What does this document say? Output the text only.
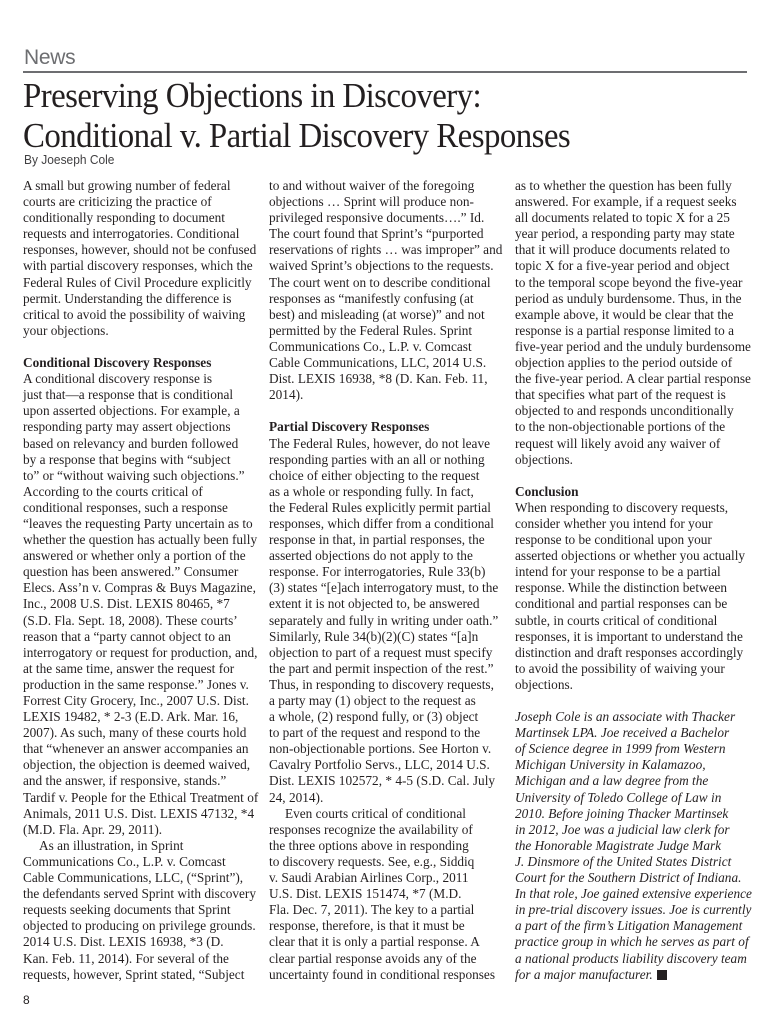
News
Preserving Objections in Discovery:
Conditional v. Partial Discovery Responses
By Joeseph Cole
A small but growing number of federal
courts are criticizing the practice of
conditionally responding to document
requests and interrogatories. Conditional
responses, however, should not be confused
with partial discovery responses, which the
Federal Rules of Civil Procedure explicitly
permit. Understanding the difference is
critical to avoid the possibility of waiving
your objections.
Conditional Discovery Responses
A conditional discovery response is
just that—a response that is conditional
upon asserted objections. For example, a
responding party may assert objections
based on relevancy and burden followed
by a response that begins with “subject
to” or “without waiving such objections.”
According to the courts critical of
conditional responses, such a response
“leaves the requesting Party uncertain as to
whether the question has actually been fully
answered or whether only a portion of the
question has been answered.” Consumer
Elecs. Ass’n v. Compras & Buys Magazine,
Inc., 2008 U.S. Dist. LEXIS 80465, *7
(S.D. Fla. Sept. 18, 2008). These courts’
reason that a “party cannot object to an
interrogatory or request for production, and,
at the same time, answer the request for
production in the same response.” Jones v.
Forrest City Grocery, Inc., 2007 U.S. Dist.
LEXIS 19482, * 2-3 (E.D. Ark. Mar. 16,
2007). As such, many of these courts hold
that “whenever an answer accompanies an
objection, the objection is deemed waived,
and the answer, if responsive, stands.”
Tardif v. People for the Ethical Treatment of
Animals, 2011 U.S. Dist. LEXIS 47132, *4
(M.D. Fla. Apr. 29, 2011).
As an illustration, in Sprint
Communications Co., L.P. v. Comcast
Cable Communications, LLC, (“Sprint”),
the defendants served Sprint with discovery
requests seeking documents that Sprint
objected to producing on privilege grounds.
2014 U.S. Dist. LEXIS 16938, *3 (D.
Kan. Feb. 11, 2014). For several of the
requests, however, Sprint stated, “Subject
to and without waiver of the foregoing
objections … Sprint will produce non-
privileged responsive documents….” Id.
The court found that Sprint’s “purported
reservations of rights … was improper” and
waived Sprint’s objections to the requests.
The court went on to describe conditional
responses as “manifestly confusing (at
best) and misleading (at worse)” and not
permitted by the Federal Rules. Sprint
Communications Co., L.P. v. Comcast
Cable Communications, LLC, 2014 U.S.
Dist. LEXIS 16938, *8 (D. Kan. Feb. 11,
2014).
Partial Discovery Responses
The Federal Rules, however, do not leave
responding parties with an all or nothing
choice of either objecting to the request
as a whole or responding fully. In fact,
the Federal Rules explicitly permit partial
responses, which differ from a conditional
response in that, in partial responses, the
asserted objections do not apply to the
response. For interrogatories, Rule 33(b)
(3) states “[e]ach interrogatory must, to the
extent it is not objected to, be answered
separately and fully in writing under oath.”
Similarly, Rule 34(b)(2)(C) states “[a]n
objection to part of a request must specify
the part and permit inspection of the rest.”
Thus, in responding to discovery requests,
a party may (1) object to the request as
a whole, (2) respond fully, or (3) object
to part of the request and respond to the
non-objectionable portions. See Horton v.
Cavalry Portfolio Servs., LLC, 2014 U.S.
Dist. LEXIS 102572, * 4-5 (S.D. Cal. July
24, 2014).
Even courts critical of conditional
responses recognize the availability of
the three options above in responding
to discovery requests. See, e.g., Siddiq
v. Saudi Arabian Airlines Corp., 2011
U.S. Dist. LEXIS 151474, *7 (M.D.
Fla. Dec. 7, 2011). The key to a partial
response, therefore, is that it must be
clear that it is only a partial response. A
clear partial response avoids any of the
uncertainty found in conditional responses
as to whether the question has been fully
answered. For example, if a request seeks
all documents related to topic X for a 25
year period, a responding party may state
that it will produce documents related to
topic X for a five-year period and object
to the temporal scope beyond the five-year
period as unduly burdensome. Thus, in the
example above, it would be clear that the
response is a partial response limited to a
five-year period and the unduly burdensome
objection applies to the period outside of
the five-year period. A clear partial response
that specifies what part of the request is
objected to and responds unconditionally
to the non-objectionable portions of the
request will likely avoid any waiver of
objections.
Conclusion
When responding to discovery requests,
consider whether you intend for your
response to be conditional upon your
asserted objections or whether you actually
intend for your response to be a partial
response. While the distinction between
conditional and partial responses can be
subtle, in courts critical of conditional
responses, it is important to understand the
distinction and draft responses accordingly
to avoid the possibility of waiving your
objections.
Joseph Cole is an associate with Thacker
Martinsek LPA. Joe received a Bachelor
of Science degree in 1999 from Western
Michigan University in Kalamazoo,
Michigan and a law degree from the
University of Toledo College of Law in
2010. Before joining Thacker Martinsek
in 2012, Joe was a judicial law clerk for
the Honorable Magistrate Judge Mark
J. Dinsmore of the United States District
Court for the Southern District of Indiana.
In that role, Joe gained extensive experience
in pre-trial discovery issues. Joe is currently
a part of the firm’s Litigation Management
practice group in which he serves as part of
a national products liability discovery team
for a major manufacturer.
8
